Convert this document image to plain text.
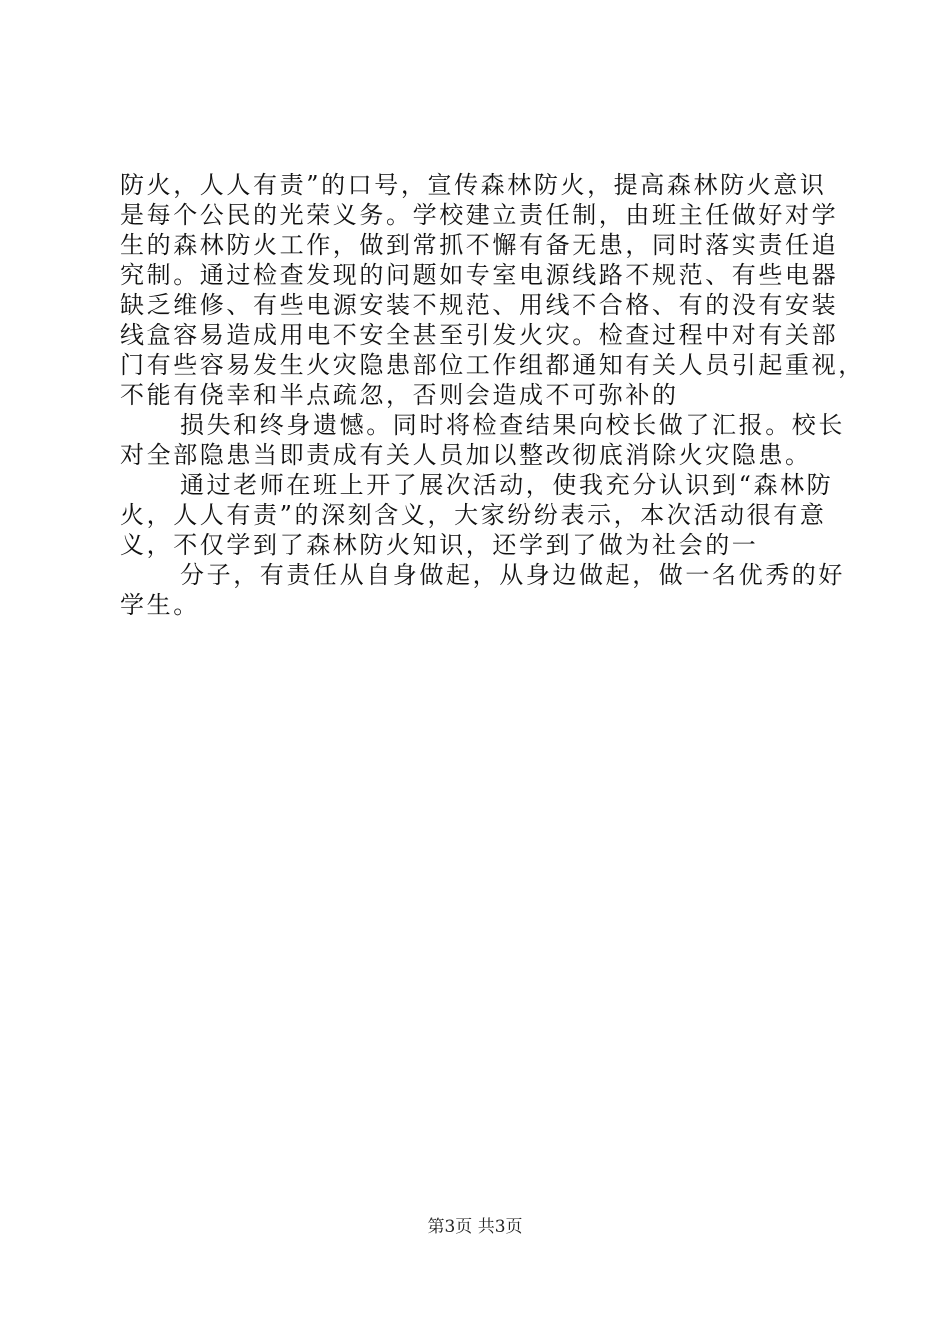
防火，人人有责”的口号，宣传森林防火，提高森林防火意识
是每个公民的光荣义务。学校建立责任制，由班主任做好对学
生的森林防火工作，做到常抓不懈有备无患，同时落实责任追
究制。通过检查发现的问题如专室电源线路不规范、有些电器
缺乏维修、有些电源安装不规范、用线不合格、有的没有安装
线盒容易造成用电不安全甚至引发火灾。检查过程中对有关部
门有些容易发生火灾隐患部位工作组都通知有关人员引起重视，
不能有侥幸和半点疏忽，否则会造成不可弥补的
损失和终身遗憾。同时将检查结果向校长做了汇报。校长
对全部隐患当即责成有关人员加以整改彻底消除火灾隐患。
通过老师在班上开了展次活动，使我充分认识到“森林防
火，人人有责”的深刻含义，大家纷纷表示，本次活动很有意
义，不仅学到了森林防火知识，还学到了做为社会的一
分子，有责任从自身做起，从身边做起，做一名优秀的好
学生。
第3页 共3页
